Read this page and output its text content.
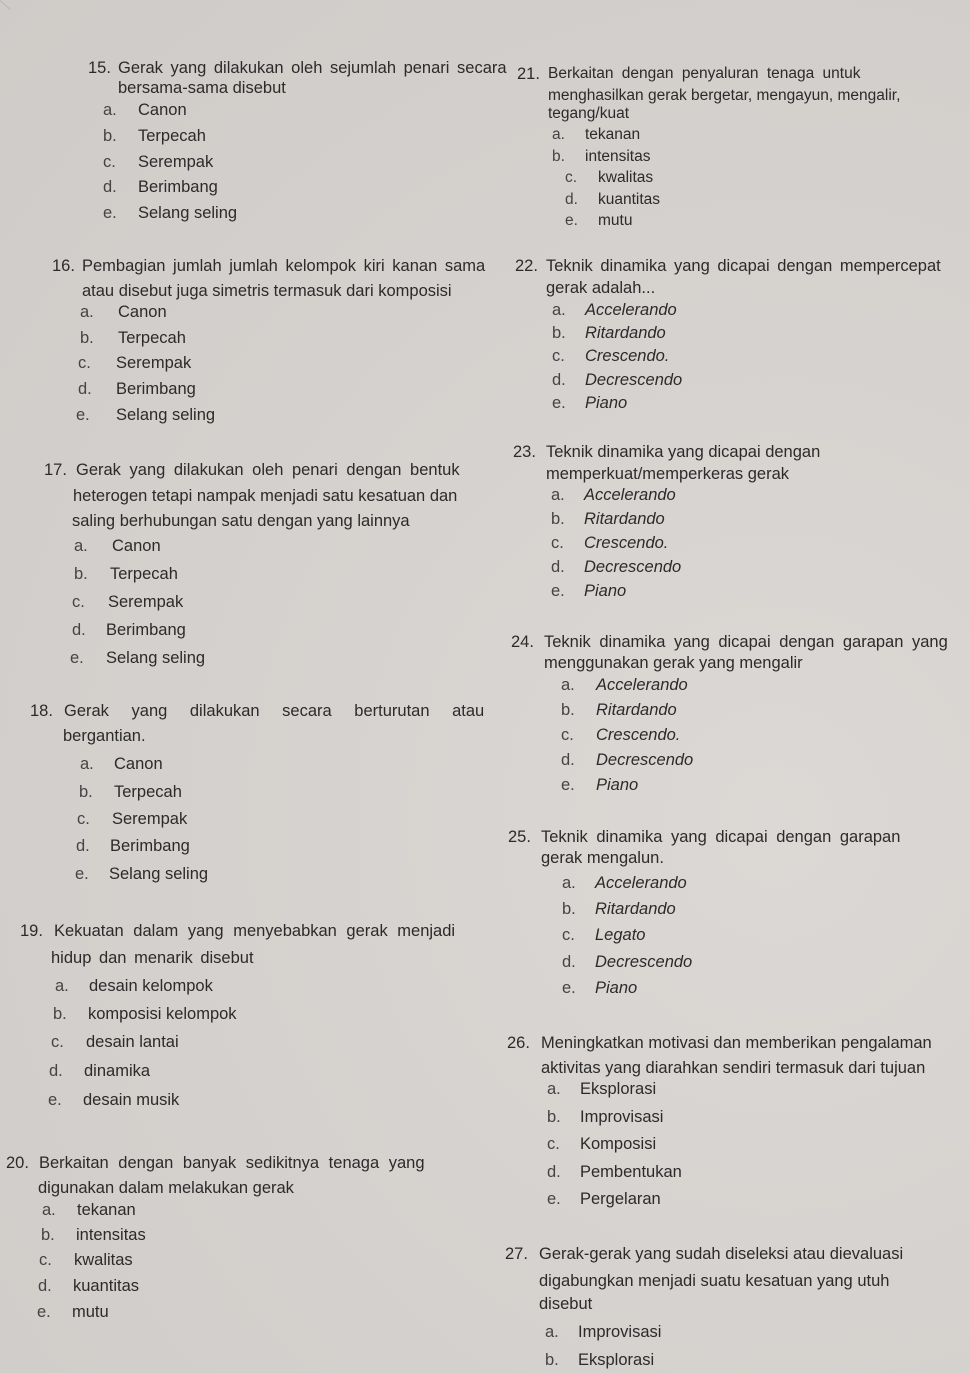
15. Gerak yang dilakukan oleh sejumlah penari secara
bersama-sama disebut
a. Canon
b. Terpecah
c. Serempak
d. Berimbang
e. Selang seling
16. Pembagian jumlah jumlah kelompok kiri kanan sama
atau disebut juga simetris termasuk dari komposisi
a. Canon
b. Terpecah
c. Serempak
d. Berimbang
e. Selang seling
17. Gerak yang dilakukan oleh penari dengan bentuk
heterogen tetapi nampak menjadi satu kesatuan dan
saling berhubungan satu dengan yang lainnya
a. Canon
b. Terpecah
c. Serempak
d. Berimbang
e. Selang seling
18. Gerak yang dilakukan secara berturutan atau
bergantian.
a. Canon
b. Terpecah
c. Serempak
d. Berimbang
e. Selang seling
19. Kekuatan dalam yang menyebabkan gerak menjadi
hidup dan menarik disebut
a. desain kelompok
b. komposisi kelompok
c. desain lantai
d. dinamika
e. desain musik
20. Berkaitan dengan banyak sedikitnya tenaga yang
digunakan dalam melakukan gerak
a. tekanan
b. intensitas
c. kwalitas
d. kuantitas
e. mutu
21. Berkaitan dengan penyaluran tenaga untuk
menghasilkan gerak bergetar, mengayun, mengalir,
tegang/kuat
a. tekanan
b. intensitas
c. kwalitas
d. kuantitas
e. mutu
22. Teknik dinamika yang dicapai dengan mempercepat
gerak adalah...
a. Accelerando
b. Ritardando
c. Crescendo.
d. Decrescendo
e. Piano
23. Teknik dinamika yang dicapai dengan
memperkuat/memperkeras gerak
a. Accelerando
b. Ritardando
c. Crescendo.
d. Decrescendo
e. Piano
24. Teknik dinamika yang dicapai dengan garapan yang
menggunakan gerak yang mengalir
a. Accelerando
b. Ritardando
c. Crescendo.
d. Decrescendo
e. Piano
25. Teknik dinamika yang dicapai dengan garapan
gerak mengalun.
a. Accelerando
b. Ritardando
c. Legato
d. Decrescendo
e. Piano
26. Meningkatkan motivasi dan memberikan pengalaman
aktivitas yang diarahkan sendiri termasuk dari tujuan
a. Eksplorasi
b. Improvisasi
c. Komposisi
d. Pembentukan
e. Pergelaran
27. Gerak-gerak yang sudah diseleksi atau dievaluasi
digabungkan menjadi suatu kesatuan yang utuh
disebut
a. Improvisasi
b. Eksplorasi
